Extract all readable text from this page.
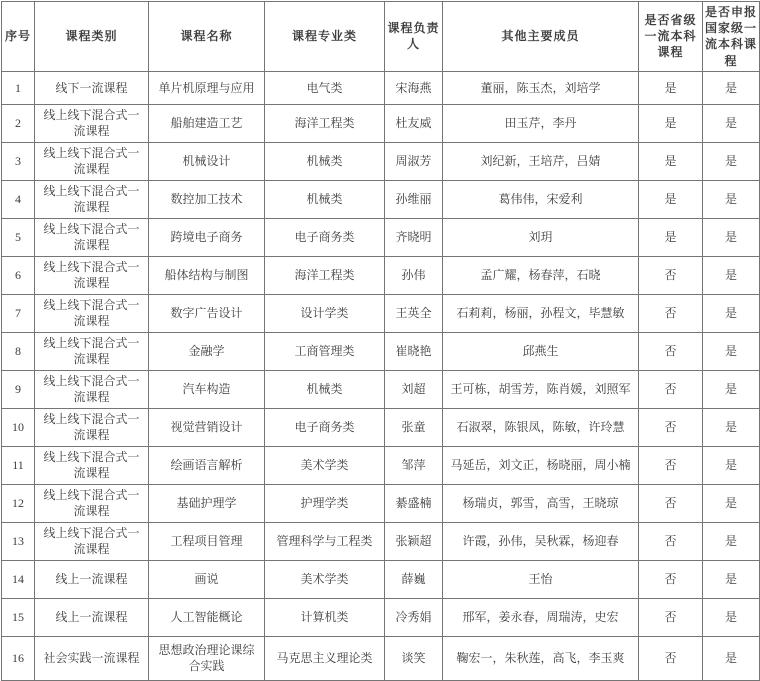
序号	课程类别	课程名称	课程专业类	课程负责人	其他主要成员	是否省级一流本科课程	是否申报国家级一流本科课程
1	线下一流课程	单片机原理与应用	电气类	宋海燕	董丽，陈玉杰，刘培学	是	是
2	线上线下混合式一流课程	船舶建造工艺	海洋工程类	杜友威	田玉芹，李丹	是	是
3	线上线下混合式一流课程	机械设计	机械类	周淑芳	刘纪新，王培芹，吕婧	是	是
4	线上线下混合式一流课程	数控加工技术	机械类	孙维丽	葛伟伟，宋爱利	是	是
5	线上线下混合式一流课程	跨境电子商务	电子商务类	齐晓明	刘玥	是	是
6	线上线下混合式一流课程	船体结构与制图	海洋工程类	孙伟	孟广耀，杨春萍，石晓	否	是
7	线上线下混合式一流课程	数字广告设计	设计学类	王英全	石莉莉，杨丽，孙程文，毕慧敏	否	是
8	线上线下混合式一流课程	金融学	工商管理类	崔晓艳	邱燕生	否	是
9	线上线下混合式一流课程	汽车构造	机械类	刘超	王可栋，胡雪芳，陈肖媛，刘照军	否	是
10	线上线下混合式一流课程	视觉营销设计	电子商务类	张童	石淑翠，陈银凤，陈敏，许玲慧	否	是
11	线上线下混合式一流课程	绘画语言解析	美术学类	邹萍	马延岳，刘文正，杨晓丽，周小楠	否	是
12	线上线下混合式一流课程	基础护理学	护理学类	綦盛楠	杨瑞贞，郭雪，高雪，王晓琼	否	是
13	线上线下混合式一流课程	工程项目管理	管理科学与工程类	张颖超	许霞，孙伟，吴秋霖，杨迎春	否	是
14	线上一流课程	画说	美术学类	薛巍	王怡	否	是
15	线上一流课程	人工智能概论	计算机类	冷秀娟	邢军，姜永春，周瑞涛，史宏	否	是
16	社会实践一流课程	思想政治理论课综合实践	马克思主义理论类	谈笑	鞠宏一，朱秋莲，高飞，李玉爽	否	是
